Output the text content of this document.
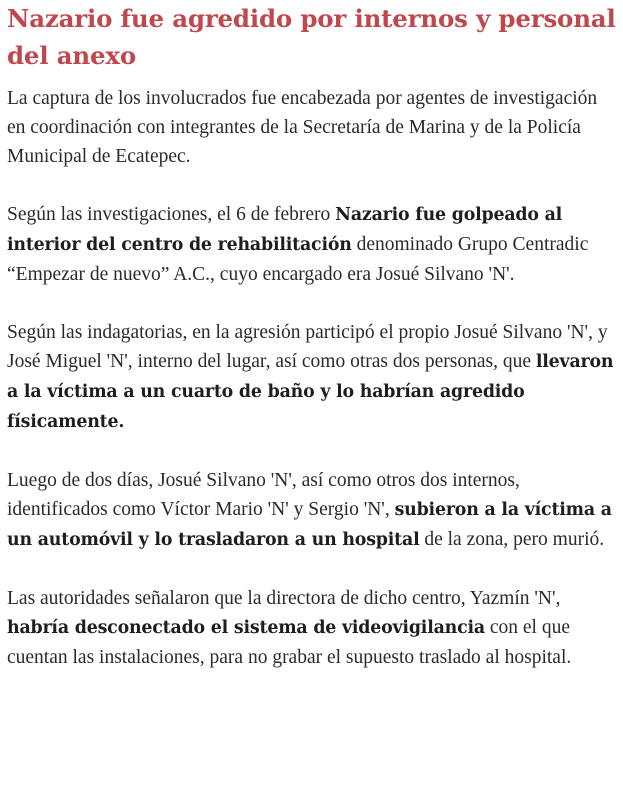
Nazario fue agredido por internos y personal del anexo

La captura de los involucrados fue encabezada por agentes de investigación en coordinación con integrantes de la Secretaría de Marina y de la Policía Municipal de Ecatepec.

Según las investigaciones, el 6 de febrero Nazario fue golpeado al interior del centro de rehabilitación denominado Grupo Centradic “Empezar de nuevo” A.C., cuyo encargado era Josué Silvano 'N'.

Según las indagatorias, en la agresión participó el propio Josué Silvano 'N', y José Miguel 'N', interno del lugar, así como otras dos personas, que llevaron a la víctima a un cuarto de baño y lo habrían agredido físicamente.

Luego de dos días, Josué Silvano 'N', así como otros dos internos, identificados como Víctor Mario 'N' y Sergio 'N', subieron a la víctima a un automóvil y lo trasladaron a un hospital de la zona, pero murió.

Las autoridades señalaron que la directora de dicho centro, Yazmín 'N', habría desconectado el sistema de videovigilancia con el que cuentan las instalaciones, para no grabar el supuesto traslado al hospital.
